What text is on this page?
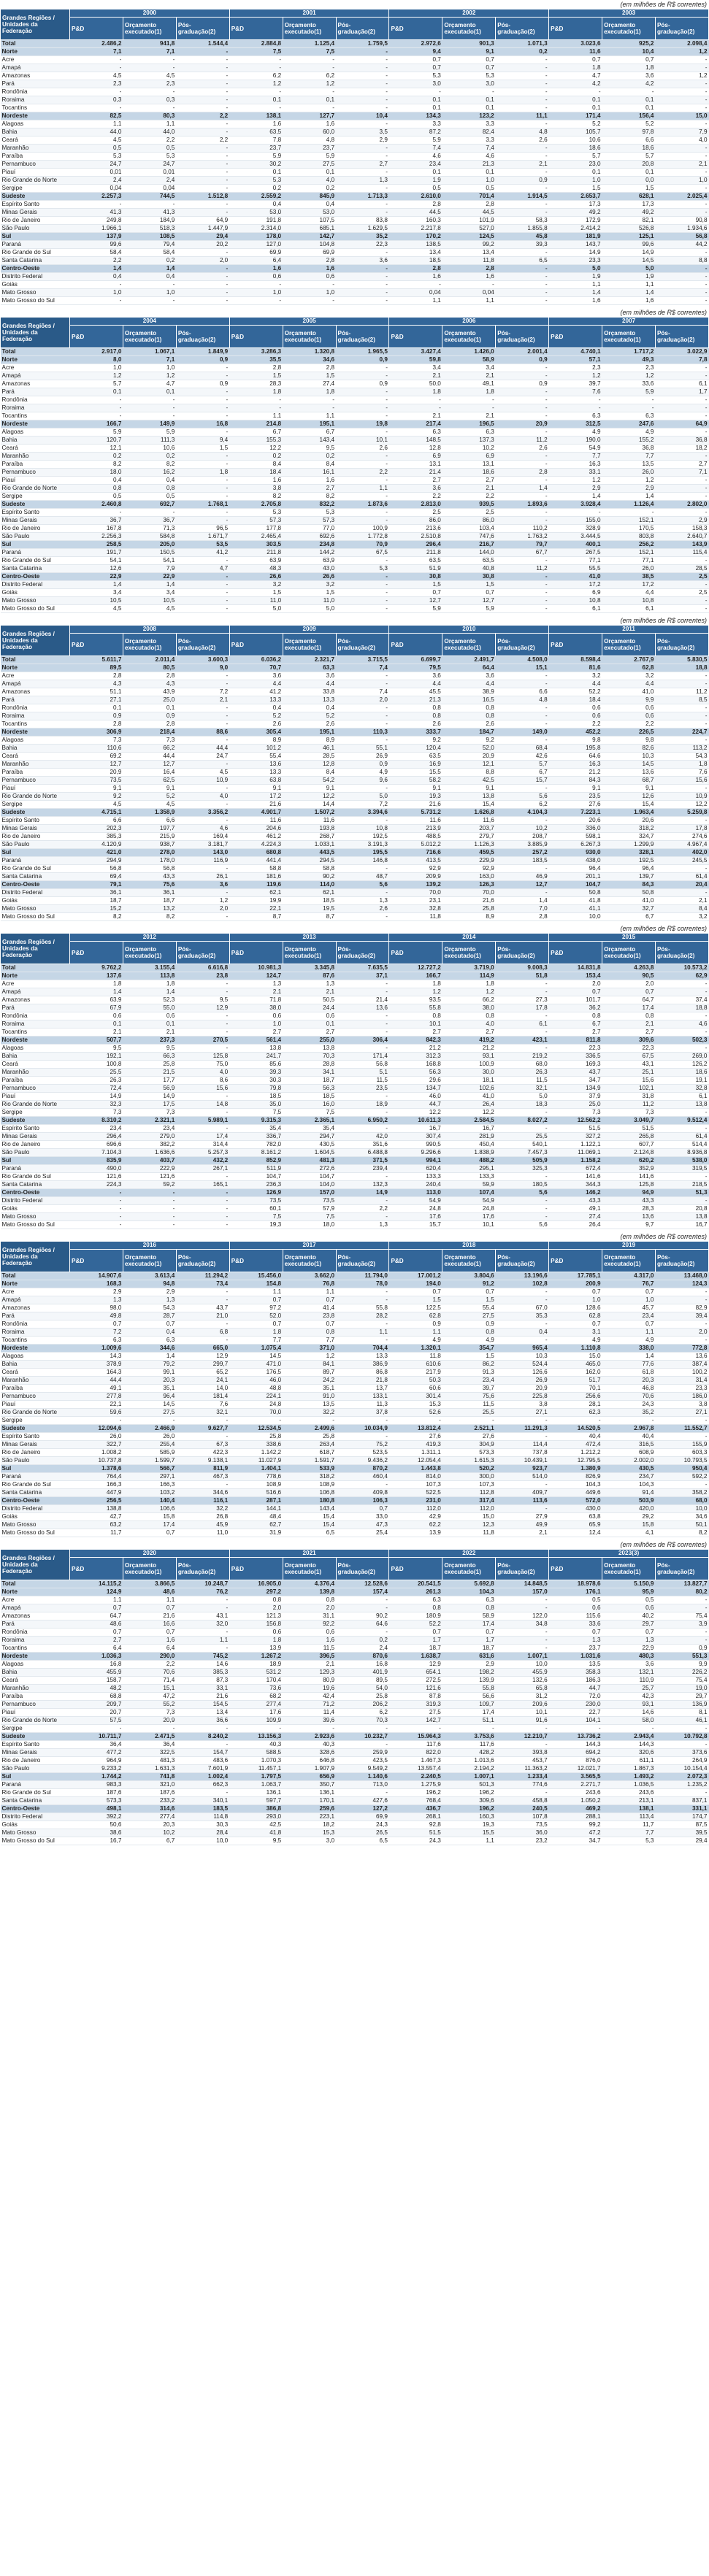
(em milhões de R$ correntes)
Grandes Regiões / Unidades da Federação	2000			2001			2002			2003		
	P&D	Orçamento executado(1)	Pós-graduação(2)	P&D	Orçamento executado(1)	Pós-graduação(2)	P&D	Orçamento executado(1)	Pós-graduação(2)	P&D	Orçamento executado(1)	Pós-graduação(2)
Total	2.486,2	941,8	1.544,4	2.884,8	1.125,4	1.759,5	2.972,6	901,3	1.071,3	3.023,6	925,2	2.098,4
Norte	7,1	7,1	-	7,5	7,5	-	9,4	9,1	0,2	11,6	10,4	1,2
Acre	-	-	-	-	-	-	0,7	0,7	-	0,7	0,7	-
Amapá	-	-	-	-	-	-	0,7	0,7	-	1,8	1,8	-
Amazonas	4,5	4,5	-	6,2	6,2	-	5,3	5,3	-	4,7	3,6	1,2
Pará	2,3	2,3	-	1,2	1,2	-	3,0	3,0	-	4,2	4,2	-
Rondônia	-	-	-	-	-	-	-	-	-	-	-	-
Roraima	0,3	0,3	-	0,1	0,1	-	0,1	0,1	-	0,1	0,1	-
Tocantins	-	-	-	-	-	-	0,1	0,1	-	0,1	0,1	-
Nordeste	82,5	80,3	2,2	138,1	127,7	10,4	134,3	123,2	11,1	171,4	156,4	15,0
Alagoas	1,1	1,1	-	1,6	1,6	-	3,3	3,3	-	5,2	5,2	-
Bahia	44,0	44,0	-	63,5	60,0	3,5	87,2	82,4	4,8	105,7	97,8	7,9
Ceará	4,5	2,2	2,2	7,8	4,8	2,9	5,9	3,3	2,6	10,6	6,6	4,0
Maranhão	0,5	0,5	-	23,7	23,7	-	7,4	7,4	-	18,6	18,6	-
Paraíba	5,3	5,3	-	5,9	5,9	-	4,6	4,6	-	5,7	5,7	-
Pernambuco	24,7	24,7	-	30,2	27,5	2,7	23,4	21,3	2,1	23,0	20,8	2,1
Piauí	0,01	0,01	-	0,1	0,1	-	0,1	0,1	-	0,1	0,1	-
Rio Grande do Norte	2,4	2,4	-	5,3	4,0	1,3	1,9	1,0	0,9	1,0	0,0	1,0
Sergipe	0,04	0,04	-	0,2	0,2	-	0,5	0,5	-	1,5	1,5	-
Sudeste	2.257,3	744,5	1.512,8	2.559,2	845,9	1.713,3	2.610,0	701,4	1.914,5	2.653,7	628,1	2.025,4
Espírito Santo	-	-	-	0,4	0,4	-	2,8	2,8	-	17,3	17,3	-
Minas Gerais	41,3	41,3	-	53,0	53,0	-	44,5	44,5	-	49,2	49,2	-
Rio de Janeiro	249,8	184,9	64,9	191,8	107,5	83,8	160,3	101,9	58,3	172,9	82,1	90,8
São Paulo	1.966,1	518,3	1.447,9	2.314,0	685,1	1.629,5	2.217,8	527,0	1.855,8	2.414,2	526,8	1.934,6
Sul	137,9	108,5	29,4	178,0	142,7	35,2	170,2	124,5	45,8	181,9	125,1	56,8
Paraná	99,6	79,4	20,2	127,0	104,8	22,3	138,5	99,2	39,3	143,7	99,6	44,2
Rio Grande do Sul	58,4	58,4	-	69,9	69,9	-	13,4	13,4	-	14,9	14,9	-
Santa Catarina	2,2	0,2	2,0	6,4	2,8	3,6	18,5	11,8	6,5	23,3	14,5	8,8
Centro-Oeste	1,4	1,4	-	1,6	1,6	-	2,8	2,8	-	5,0	5,0	-
Distrito Federal	0,4	0,4	-	0,6	0,6	-	1,6	1,6	-	1,9	1,9	-
Goiás	-	-	-	-	-	-	-	-	-	1,1	1,1	-
Mato Grosso	1,0	1,0	-	1,0	1,0	-	0,04	0,04	-	1,4	1,4	-
Mato Grosso do Sul	-	-	-	-	-	-	1,1	1,1	-	1,6	1,6	-
(em milhões de R$ correntes)
Grandes Regiões / Unidades da Federação	2004			2005			2006			2007		
	P&D	Orçamento executado(1)	Pós-graduação(2)	P&D	Orçamento executado(1)	Pós-graduação(2)	P&D	Orçamento executado(1)	Pós-graduação(2)	P&D	Orçamento executado(1)	Pós-graduação(2)
Total	2.917,0	1.067,1	1.849,9	3.286,3	1.320,8	1.965,5	3.427,4	1.426,0	2.001,4	4.740,1	1.717,2	3.022,9
Norte	8,0	7,1	0,9	35,5	34,6	0,9	59,8	58,9	0,9	57,1	49,3	7,8
Acre	1,0	1,0	-	2,8	2,8	-	3,4	3,4	-	2,3	2,3	-
Amapá	1,2	1,2	-	1,5	1,5	-	2,1	2,1	-	1,2	1,2	-
Amazonas	5,7	4,7	0,9	28,3	27,4	0,9	50,0	49,1	0,9	39,7	33,6	6,1
Pará	0,1	0,1	-	1,8	1,8	-	1,8	1,8	-	7,6	5,9	1,7
Rondônia	-	-	-	-	-	-	-	-	-	-	-	-
Roraima	-	-	-	-	-	-	-	-	-	-	-	-
Tocantins	-	-	-	1,1	1,1	-	2,1	2,1	-	6,3	6,3	-
Nordeste	166,7	149,9	16,8	214,8	195,1	19,8	217,4	196,5	20,9	312,5	247,6	64,9
Alagoas	5,9	5,9	-	6,7	6,7	-	6,3	6,3	-	4,9	4,9	-
Bahia	120,7	111,3	9,4	155,3	143,4	10,1	148,5	137,3	11,2	190,0	155,2	36,8
Ceará	12,1	10,6	1,5	12,2	9,5	2,6	12,8	10,2	2,6	54,9	36,8	18,2
Maranhão	0,2	0,2	-	0,2	0,2	-	6,9	6,9	-	7,7	7,7	-
Paraíba	8,2	8,2	-	8,4	8,4	-	13,1	13,1	-	16,3	13,5	2,7
Pernambuco	18,0	16,2	1,8	18,4	16,1	2,2	21,4	18,6	2,8	33,1	26,0	7,1
Piauí	0,4	0,4	-	1,6	1,6	-	2,7	2,7	-	1,2	1,2	-
Rio Grande do Norte	0,8	0,8	-	3,8	2,7	1,1	3,6	2,1	1,4	2,9	2,9	-
Sergipe	0,5	0,5	-	8,2	8,2	-	2,2	2,2	-	1,4	1,4	-
Sudeste	2.460,8	692,7	1.768,1	2.705,8	832,2	1.873,6	2.813,0	939,5	1.893,6	3.928,4	1.126,4	2.802,0
Espírito Santo	-	-	-	5,3	5,3	-	2,5	2,5	-	-	-	-
Minas Gerais	36,7	36,7	-	57,3	57,3	-	86,0	86,0	-	155,0	152,1	2,9
Rio de Janeiro	167,8	71,3	96,5	177,8	77,0	100,9	213,6	103,4	110,2	328,9	170,5	158,3
São Paulo	2.256,3	584,8	1.671,7	2.465,4	692,6	1.772,8	2.510,8	747,6	1.763,2	3.444,5	803,8	2.640,7
Sul	258,5	205,0	53,5	303,5	234,8	70,9	296,4	216,7	79,7	400,1	256,2	143,9
Paraná	191,7	150,5	41,2	211,8	144,2	67,5	211,8	144,0	67,7	267,5	152,1	115,4
Rio Grande do Sul	54,1	54,1	-	63,9	63,9	-	63,5	63,5	-	77,1	77,1	-
Santa Catarina	12,6	7,9	4,7	48,3	43,0	5,3	51,9	40,8	11,2	55,5	26,0	28,5
Centro-Oeste	22,9	22,9	-	26,6	26,6	-	30,8	30,8	-	41,0	38,5	2,5
Distrito Federal	1,4	1,4	-	3,2	3,2	-	1,5	1,5	-	17,2	17,2	-
Goiás	3,4	3,4	-	1,5	1,5	-	0,7	0,7	-	6,9	4,4	2,5
Mato Grosso	10,5	10,5	-	11,0	11,0	-	12,7	12,7	-	10,8	10,8	-
Mato Grosso do Sul	4,5	4,5	-	5,0	5,0	-	5,9	5,9	-	6,1	6,1	-
(em milhões de R$ correntes)
Grandes Regiões / Unidades da Federação	2008			2009			2010			2011		
	P&D	Orçamento executado(1)	Pós-graduação(2)	P&D	Orçamento executado(1)	Pós-graduação(2)	P&D	Orçamento executado(1)	Pós-graduação(2)	P&D	Orçamento executado(1)	Pós-graduação(2)
Total	5.611,7	2.011,4	3.600,3	6.036,2	2.321,7	3.715,5	6.699,7	2.491,7	4.508,0	8.598,4	2.767,9	5.830,5
Norte	89,5	80,5	9,0	70,7	63,3	7,4	79,5	64,4	15,1	81,6	62,8	18,8
Acre	2,8	2,8	-	3,6	3,6	-	3,6	3,6	-	3,2	3,2	-
Amapá	4,3	4,3	-	4,4	4,4	-	4,4	4,4	-	4,4	4,4	-
Amazonas	51,1	43,9	7,2	41,2	33,8	7,4	45,5	38,9	6,6	52,2	41,0	11,2
Pará	27,1	25,0	2,1	13,3	13,3	2,0	21,3	16,5	4,8	18,4	9,9	8,5
Rondônia	0,1	0,1	-	0,4	0,4	-	0,8	0,8	-	0,6	0,6	-
Roraima	0,9	0,9	-	5,2	5,2	-	0,8	0,8	-	0,6	0,6	-
Tocantins	2,8	2,8	-	2,6	2,6	-	2,6	2,6	-	2,2	2,2	-
Nordeste	306,9	218,4	88,6	305,4	195,1	110,3	333,7	184,7	149,0	452,2	226,5	224,7
Alagoas	7,3	7,3	-	8,9	8,9	-	9,2	9,2	-	9,8	9,8	-
Bahia	110,6	66,2	44,4	101,2	46,1	55,1	120,4	52,0	68,4	195,8	82,6	113,2
Ceará	69,2	44,4	24,7	55,4	28,5	26,9	63,5	20,9	42,6	64,6	10,3	54,3
Maranhão	12,7	12,7	-	13,6	12,8	0,9	16,9	12,1	5,7	16,3	14,5	1,8
Paraíba	20,9	16,4	4,5	13,3	8,4	4,9	15,5	8,8	6,7	21,2	13,6	7,6
Pernambuco	73,5	62,5	10,9	63,8	54,2	9,6	58,2	42,5	15,7	84,3	68,7	15,6
Piauí	9,1	9,1	-	9,1	9,1	-	9,1	9,1	-	9,1	9,1	-
Rio Grande do Norte	9,2	5,2	4,0	17,2	12,2	5,0	19,3	13,8	5,6	23,5	12,6	10,9
Sergipe	4,5	4,5	-	21,6	14,4	7,2	21,6	15,4	6,2	27,6	15,4	12,2
Sudeste	4.715,1	1.358,9	3.356,2	4.901,7	1.507,2	3.394,6	5.731,2	1.626,8	4.104,3	7.223,1	1.963,4	5.259,8
Espírito Santo	6,6	6,6	-	11,6	11,6	-	11,6	11,6	-	20,6	20,6	-
Minas Gerais	202,3	197,7	4,6	204,6	193,8	10,8	213,9	203,7	10,2	336,0	318,2	17,8
Rio de Janeiro	385,3	215,9	169,4	461,2	268,7	192,5	488,5	279,7	208,7	598,1	324,7	274,6
São Paulo	4.120,9	938,7	3.181,7	4.224,3	1.033,1	3.191,3	5.012,2	1.126,3	3.885,9	6.267,3	1.299,9	4.967,4
Sul	421,0	278,0	143,0	680,8	443,5	195,5	716,6	459,5	257,2	930,0	328,1	402,0
Paraná	294,9	178,0	116,9	441,4	294,5	146,8	413,5	229,9	183,5	438,0	192,5	245,5
Rio Grande do Sul	56,8	56,8	-	58,8	58,8	-	92,9	92,9	-	96,4	96,4	-
Santa Catarina	69,4	43,3	26,1	181,6	90,2	48,7	209,9	163,0	46,9	201,1	139,7	61,4
Centro-Oeste	79,1	75,6	3,6	119,6	114,0	5,6	139,2	126,3	12,7	104,7	84,3	20,4
Distrito Federal	36,1	36,1	-	62,1	62,1	-	70,0	70,0	-	50,8	50,8	-
Goiás	18,7	18,7	1,2	19,9	18,5	1,3	23,1	21,6	1,4	41,8	41,0	2,1
Mato Grosso	15,2	13,2	2,0	22,1	19,5	2,6	32,8	25,8	7,0	41,1	32,7	8,4
Mato Grosso do Sul	8,2	8,2	-	8,7	8,7	-	11,8	8,9	2,8	10,0	6,7	3,2
(em milhões de R$ correntes)
Grandes Regiões / Unidades da Federação	2012			2013			2014			2015		
	P&D	Orçamento executado(1)	Pós-graduação(2)	P&D	Orçamento executado(1)	Pós-graduação(2)	P&D	Orçamento executado(1)	Pós-graduação(2)	P&D	Orçamento executado(1)	Pós-graduação(2)
Total	9.762,2	3.155,4	6.616,8	10.981,3	3.345,8	7.635,5	12.727,2	3.719,0	9.008,3	14.831,8	4.263,8	10.573,2
Norte	137,6	113,8	23,8	124,7	87,6	37,1	166,7	114,9	51,8	153,4	90,5	62,9
Acre	1,8	1,8	-	1,3	1,3	-	1,8	1,8	-	2,0	2,0	-
Amapá	1,4	1,4	-	2,1	2,1	-	1,2	1,2	-	0,7	0,7	-
Amazonas	63,9	52,3	9,5	71,8	50,5	21,4	93,5	66,2	27,3	101,7	64,7	37,4
Pará	67,9	55,0	12,9	38,0	24,4	13,6	55,8	38,0	17,8	36,2	17,4	18,8
Rondônia	0,6	0,6	-	0,6	0,6	-	0,8	0,8	-	0,8	0,8	-
Roraima	0,1	0,1	-	1,0	0,1	-	10,1	4,0	6,1	6,7	2,1	4,6
Tocantins	2,1	2,1	-	2,7	2,7	-	2,7	2,7	-	2,7	2,7	-
Nordeste	507,7	237,3	270,5	561,4	255,0	306,4	842,3	419,2	423,1	811,8	309,6	502,3
Alagoas	9,5	9,5	-	13,8	13,8	-	21,2	21,2	-	22,3	22,3	-
Bahia	192,1	66,3	125,8	241,7	70,3	171,4	312,3	93,1	219,2	336,5	67,5	269,0
Ceará	100,8	25,8	75,0	85,6	28,8	56,8	168,8	100,9	68,0	169,3	43,1	126,2
Maranhão	25,5	21,5	4,0	39,3	34,1	5,1	56,3	30,0	26,3	43,7	25,1	18,6
Paraíba	26,3	17,7	8,6	30,3	18,7	11,5	29,6	18,1	11,5	34,7	15,6	19,1
Pernambuco	72,4	56,9	15,6	79,8	56,3	23,5	134,7	102,6	32,1	134,9	102,1	32,8
Piauí	14,9	14,9	-	18,5	18,5	-	46,0	41,0	5,0	37,9	31,8	6,1
Rio Grande do Norte	32,3	17,5	14,8	35,0	16,0	18,9	44,7	26,4	18,3	25,0	11,2	13,8
Sergipe	7,3	7,3	-	7,5	7,5	-	12,2	12,2	-	7,3	7,3	-
Sudeste	8.310,2	2.321,1	5.989,1	9.315,3	2.365,1	6.950,2	10.611,3	2.584,5	8.027,2	12.562,2	3.049,7	9.512,4
Espírito Santo	23,4	23,4	-	35,4	35,4	-	16,7	16,7	-	51,5	51,5	-
Minas Gerais	296,4	279,0	17,4	336,7	294,7	42,0	307,4	281,9	25,5	327,2	265,8	61,4
Rio de Janeiro	696,6	382,2	314,4	782,0	430,5	351,6	990,5	450,4	540,1	1.122,1	607,7	514,4
São Paulo	7.104,3	1.636,6	5.257,3	8.161,2	1.604,5	6.488,8	9.296,6	1.838,9	7.457,3	11.069,1	2.124,8	8.936,8
Sul	835,9	403,7	432,2	852,9	481,3	371,5	994,1	488,2	505,9	1.158,2	620,2	538,0
Paraná	490,0	222,9	267,1	511,9	272,6	239,4	620,4	295,1	325,3	672,4	352,9	319,5
Rio Grande do Sul	121,6	121,6	-	104,7	104,7	-	133,3	133,3	-	141,6	141,6	-
Santa Catarina	224,3	59,2	165,1	236,3	104,0	132,3	240,4	59,9	180,5	344,3	125,8	218,5
Centro-Oeste	-	-	-	126,9	157,0	14,9	113,0	107,4	5,6	146,2	94,9	51,3
Distrito Federal	-	-	-	73,5	73,5	-	54,9	54,9	-	43,3	43,3	-
Goiás	-	-	-	60,1	57,9	2,2	24,8	24,8	-	49,1	28,3	20,8
Mato Grosso	-	-	-	7,5	7,5	-	17,6	17,6	-	27,4	13,6	13,8
Mato Grosso do Sul	-	-	-	19,3	18,0	1,3	15,7	10,1	5,6	26,4	9,7	16,7
(em milhões de R$ correntes)
Grandes Regiões / Unidades da Federação	2016			2017			2018			2019		
	P&D	Orçamento executado(1)	Pós-graduação(2)	P&D	Orçamento executado(1)	Pós-graduação(2)	P&D	Orçamento executado(1)	Pós-graduação(2)	P&D	Orçamento executado(1)	Pós-graduação(2)
Total	14.907,6	3.613,4	11.294,2	15.456,0	3.662,0	11.794,0	17.001,2	3.804,6	13.196,6	17.785,1	4.317,0	13.468,0
Norte	168,3	94,8	73,4	154,8	76,8	78,0	194,0	91,2	102,8	200,9	76,7	124,3
Acre	2,9	2,9	-	1,1	1,1	-	0,7	0,7	-	0,7	0,7	-
Amapá	1,3	1,3	-	0,7	0,7	-	1,5	1,5	-	1,0	1,0	-
Amazonas	98,0	54,3	43,7	97,2	41,4	55,8	122,5	55,4	67,0	128,6	45,7	82,9
Pará	49,8	28,7	21,0	52,0	23,8	28,2	62,8	27,5	35,3	62,8	23,4	39,4
Rondônia	0,7	0,7	-	0,7	0,7	-	0,9	0,9	-	0,7	0,7	-
Roraima	7,2	0,4	6,8	1,8	0,8	1,1	1,1	0,8	0,4	3,1	1,1	2,0
Tocantins	6,3	6,3	-	7,7	7,7	-	4,9	4,9	-	4,9	4,9	-
Nordeste	1.009,6	344,6	665,0	1.075,4	371,0	704,4	1.320,1	354,7	965,4	1.110,8	338,0	772,8
Alagoas	14,3	1,4	12,9	14,5	1,2	13,3	11,8	1,5	10,3	15,0	1,4	13,6
Bahia	378,9	79,2	299,7	471,0	84,1	386,9	610,6	86,2	524,4	465,0	77,6	387,4
Ceará	164,3	99,1	65,2	176,5	89,7	86,8	217,9	91,3	126,6	162,0	61,8	100,2
Maranhão	44,4	20,3	24,1	46,0	24,2	21,8	50,3	23,4	26,9	51,7	20,3	31,4
Paraíba	49,1	35,1	14,0	48,8	35,1	13,7	60,6	39,7	20,9	70,1	46,8	23,3
Pernambuco	277,8	96,4	181,4	224,1	91,0	133,1	301,4	75,6	225,8	256,6	70,6	186,0
Piauí	22,1	14,5	7,6	24,8	13,5	11,3	15,3	11,5	3,8	28,1	24,3	3,8
Rio Grande do Norte	59,6	27,5	32,1	70,0	32,2	37,8	52,6	25,5	27,1	62,3	35,2	27,1
Sergipe	-	-	-	-	-	-	-	-	-	-	-	-
Sudeste	12.094,6	2.466,9	9.627,7	12.534,5	2.499,6	10.034,9	13.812,4	2.521,1	11.291,3	14.520,5	2.967,8	11.552,7
Espírito Santo	26,0	26,0	-	25,8	25,8	-	27,6	27,6	-	40,4	40,4	-
Minas Gerais	322,7	255,4	67,3	338,6	263,4	75,2	419,3	304,9	114,4	472,4	316,5	155,9
Rio de Janeiro	1.008,2	585,9	422,3	1.142,2	618,7	523,5	1.311,1	573,3	737,8	1.212,2	608,9	603,3
São Paulo	10.737,8	1.599,7	9.138,1	11.027,9	1.591,7	9.436,2	12.054,4	1.615,3	10.439,1	12.795,5	2.002,0	10.793,5
Sul	1.378,6	566,7	811,9	1.404,1	533,9	870,2	1.443,8	520,2	923,7	1.380,9	430,5	950,4
Paraná	764,4	297,1	467,3	778,6	318,2	460,4	814,0	300,0	514,0	826,9	234,7	592,2
Rio Grande do Sul	166,3	166,3	-	108,9	108,9	-	107,3	107,3	-	104,3	104,3	-
Santa Catarina	447,9	103,2	344,6	516,6	106,8	409,8	522,5	112,8	409,7	449,6	91,4	358,2
Centro-Oeste	256,5	140,4	116,1	287,1	180,8	106,3	231,0	317,4	113,6	572,0	503,9	68,0
Distrito Federal	138,8	106,6	32,2	144,1	143,4	0,7	112,0	112,0	-	430,0	420,0	10,0
Goiás	42,7	15,8	26,8	48,4	15,4	33,0	42,9	15,0	27,9	63,8	29,2	34,6
Mato Grosso	63,2	17,4	45,9	62,7	15,4	47,3	62,2	12,3	49,9	65,9	15,8	50,1
Mato Grosso do Sul	11,7	0,7	11,0	31,9	6,5	25,4	13,9	11,8	2,1	12,4	4,1	8,2
(em milhões de R$ correntes)
Grandes Regiões / Unidades da Federação	2020			2021			2022			2023(3)		
	P&D	Orçamento executado(1)	Pós-graduação(2)	P&D	Orçamento executado(1)	Pós-graduação(2)	P&D	Orçamento executado(1)	Pós-graduação(2)	P&D	Orçamento executado(1)	Pós-graduação(2)
Total	14.115,2	3.866,5	10.248,7	16.905,0	4.376,4	12.528,6	20.541,5	5.692,8	14.848,5	18.978,6	5.150,9	13.827,7
Norte	124,9	48,6	76,2	297,2	139,8	157,4	261,3	104,3	157,0	176,1	95,9	80,2
Acre	1,1	1,1	-	0,8	0,8	-	6,3	6,3	-	0,5	0,5	-
Amapá	0,7	0,7	-	2,0	2,0	-	0,8	0,8	-	0,6	0,6	-
Amazonas	64,7	21,6	43,1	121,3	31,1	90,2	180,9	58,9	122,0	115,6	40,2	75,4
Pará	48,6	16,6	32,0	156,8	92,2	64,6	52,2	17,4	34,8	33,6	29,7	3,9
Rondônia	0,7	0,7	-	0,6	0,6	-	0,7	0,7	-	0,7	0,7	-
Roraima	2,7	1,6	1,1	1,8	1,6	0,2	1,7	1,7	-	1,3	1,3	-
Tocantins	6,4	6,4	-	13,9	11,5	2,4	18,7	18,7	-	23,7	22,9	0,9
Nordeste	1.036,3	290,0	745,2	1.267,2	396,5	870,6	1.638,7	631,6	1.007,1	1.031,6	480,3	551,3
Alagoas	16,8	2,2	14,6	18,9	2,1	16,8	12,9	2,9	10,0	13,5	3,6	9,9
Bahia	455,9	70,6	385,3	531,2	129,3	401,9	654,1	198,2	455,9	358,3	132,1	226,2
Ceará	158,7	71,4	87,3	170,4	80,9	89,5	272,5	139,9	132,6	186,3	110,9	75,4
Maranhão	48,2	15,1	33,1	73,6	19,6	54,0	121,6	55,8	65,8	44,7	25,7	19,0
Paraíba	68,8	47,2	21,6	68,2	42,4	25,8	87,8	56,6	31,2	72,0	42,3	29,7
Pernambuco	209,7	55,2	154,5	277,4	71,2	206,2	319,3	109,7	209,6	230,0	93,1	136,9
Piauí	20,7	7,3	13,4	17,6	11,4	6,2	27,5	17,4	10,1	22,7	14,6	8,1
Rio Grande do Norte	57,5	20,9	36,6	109,9	39,6	70,3	142,7	51,1	91,6	104,1	58,0	46,1
Sergipe	-	-	-	-	-	-	-	-	-	-	-	-
Sudeste	10.711,7	2.471,5	8.240,2	13.156,3	2.923,6	10.232,7	15.964,3	3.753,6	12.210,7	13.736,2	2.943,4	10.792,8
Espírito Santo	36,4	36,4	-	40,3	40,3	-	117,6	117,6	-	144,3	144,3	-
Minas Gerais	477,2	322,5	154,7	588,5	328,6	259,9	822,0	428,2	393,8	694,2	320,6	373,6
Rio de Janeiro	964,9	481,3	483,6	1.070,3	646,8	423,5	1.467,3	1.013,6	453,7	876,0	611,1	264,9
São Paulo	9.233,2	1.631,3	7.601,9	11.457,1	1.907,9	9.549,2	13.557,4	2.194,2	11.363,2	12.021,7	1.867,3	10.154,4
Sul	1.744,2	741,8	1.002,4	1.797,5	656,9	1.140,6	2.240,5	1.007,1	1.233,4	3.565,5	1.493,2	2.072,3
Paraná	983,3	321,0	662,3	1.063,7	350,7	713,0	1.275,9	501,3	774,6	2.271,7	1.036,5	1.235,2
Rio Grande do Sul	187,6	187,6	-	136,1	136,1	-	196,2	196,2	-	243,6	243,6	-
Santa Catarina	573,3	233,2	340,1	597,7	170,1	427,6	768,4	309,6	458,8	1.050,2	213,1	837,1
Centro-Oeste	498,1	314,6	183,5	386,8	259,6	127,2	436,7	196,2	240,5	469,2	138,1	331,1
Distrito Federal	392,2	277,4	114,8	293,0	223,1	69,9	268,1	160,3	107,8	288,1	113,4	174,7
Goiás	50,6	20,3	30,3	42,5	18,2	24,3	92,8	19,3	73,5	99,2	11,7	87,5
Mato Grosso	38,6	10,2	28,4	41,8	15,3	26,5	51,5	15,5	36,0	47,2	7,7	39,5
Mato Grosso do Sul	16,7	6,7	10,0	9,5	3,0	6,5	24,3	1,1	23,2	34,7	5,3	29,4
